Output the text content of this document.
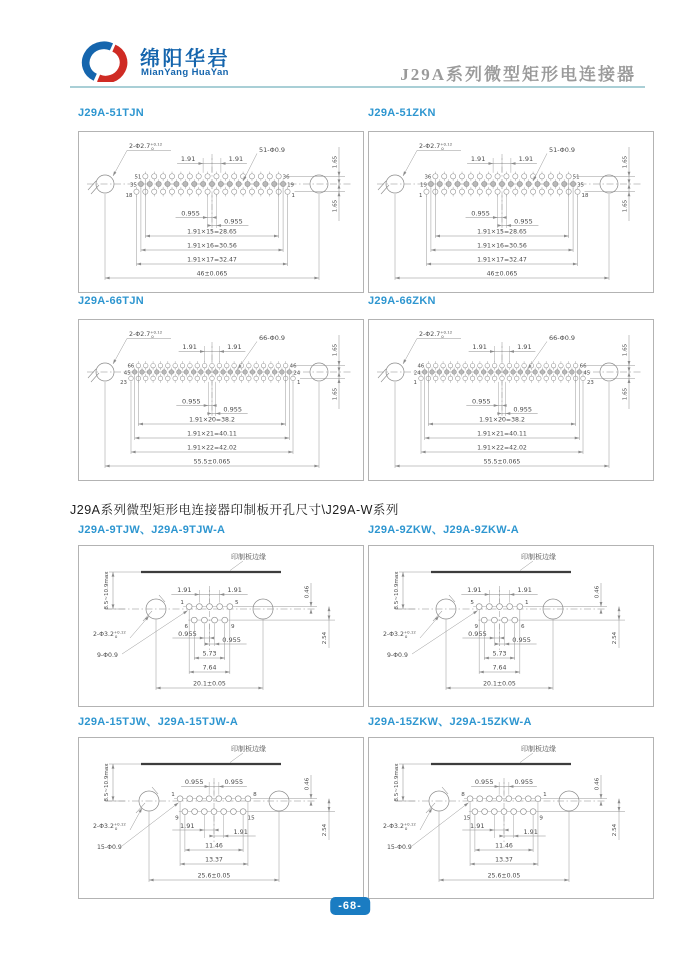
绵阳华岩
MianYang HuaYan	J29A系列微型矩形电连接器
J29A-51TJN
51	36
35	19
18	1
1.91	1.91
$2-\Phi 2.7^{+0.12}$ 0	51-Φ0.9
1.65
1.65
0.955
0.955
1.91×15=28.65
1.91×16=30.56
1.91×17=32.47
46±0.065
J29A-51ZKN
36	51
19	35
1	18
1.91	1.91
$2-\Phi 2.7^{+0.12}$ 0	51-Φ0.9
1.65
1.65
0.955
0.955
1.91×15=28.65
1.91×16=30.56
1.91×17=32.47
46±0.065
J29A-66TJN
66	46
45	24
23	1
1.91	1.91
$2-\Phi 2.7^{+0.12}$ 0	66-Φ0.9
1.65
1.65
0.955
0.955
1.91×20=38.2
1.91×21=40.11
1.91×22=42.02
55.5±0.065
J29A-66ZKN
46	66
24	45
1	23
1.91	1.91
$2-\Phi 2.7^{+0.12}$ 0	66-Φ0.9
1.65
1.65
0.955
0.955
1.91×20=38.2
1.91×21=40.11
1.91×22=42.02
55.5±0.065
J29A系列微型矩形电连接器印制板开孔尺寸\J29A-W系列
J29A-9TJW、J29A-9TJW-A
印制板边缘
8.5~10.9max	1	5
6	9
1.91	1.91
0.955
0.955
0.46
2.54
$2-\Phi 3.2^{+0.12}$ 0
9-Φ0.9	5.73
7.64
20.1±0.05
J29A-9ZKW、J29A-9ZKW-A
印制板边缘
8.5~10.9max	5	1
9	6
1.91	1.91
0.955
0.955
0.46
2.54
$2-\Phi 3.2^{+0.12}$ 0
9-Φ0.9	5.73
7.64
20.1±0.05
J29A-15TJW、J29A-15TJW-A
印制板边缘
8.5~10.9max	1	8
9	15
0.955	0.955
1.91
1.91
0.46
2.54
$2-\Phi 3.2^{+0.12}$ 0
15-Φ0.9	11.46
13.37
25.6±0.05
J29A-15ZKW、J29A-15ZKW-A
印制板边缘
8.5~10.9max	8	1
15	9
0.955	0.955
1.91
1.91
0.46
2.54
$2-\Phi 3.2^{+0.12}$ 0
15-Φ0.9	11.46
13.37
25.6±0.05
-68-
